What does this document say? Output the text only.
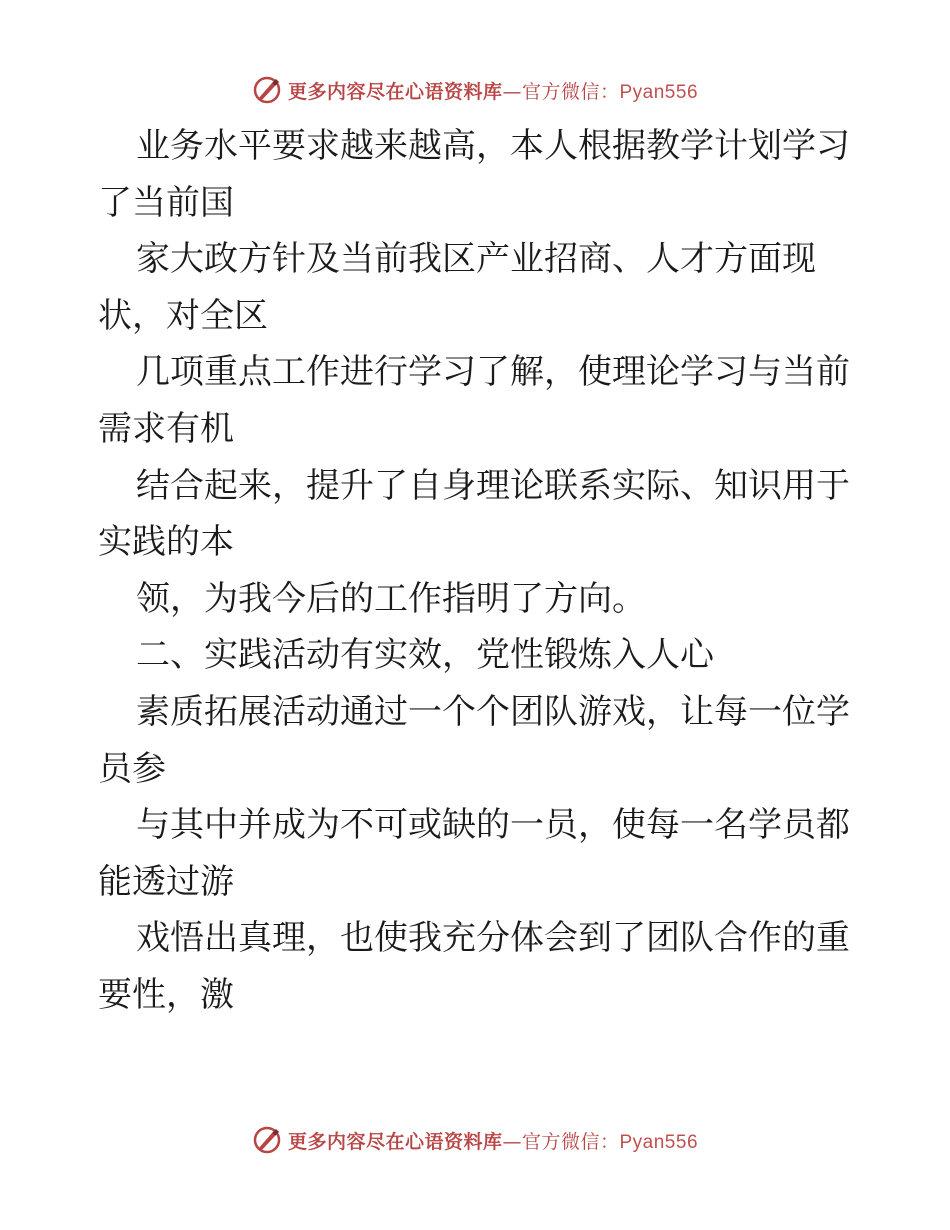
更多内容尽在心语资料库—官方微信：Pyan556
业务水平要求越来越高，本人根据教学计划学习
了当前国
家大政方针及当前我区产业招商、人才方面现
状，对全区
几项重点工作进行学习了解，使理论学习与当前
需求有机
结合起来，提升了自身理论联系实际、知识用于
实践的本
领，为我今后的工作指明了方向。
二、实践活动有实效，党性锻炼入人心
素质拓展活动通过一个个团队游戏，让每一位学
员参
与其中并成为不可或缺的一员，使每一名学员都
能透过游
戏悟出真理，也使我充分体会到了团队合作的重
要性，激
更多内容尽在心语资料库—官方微信：Pyan556
